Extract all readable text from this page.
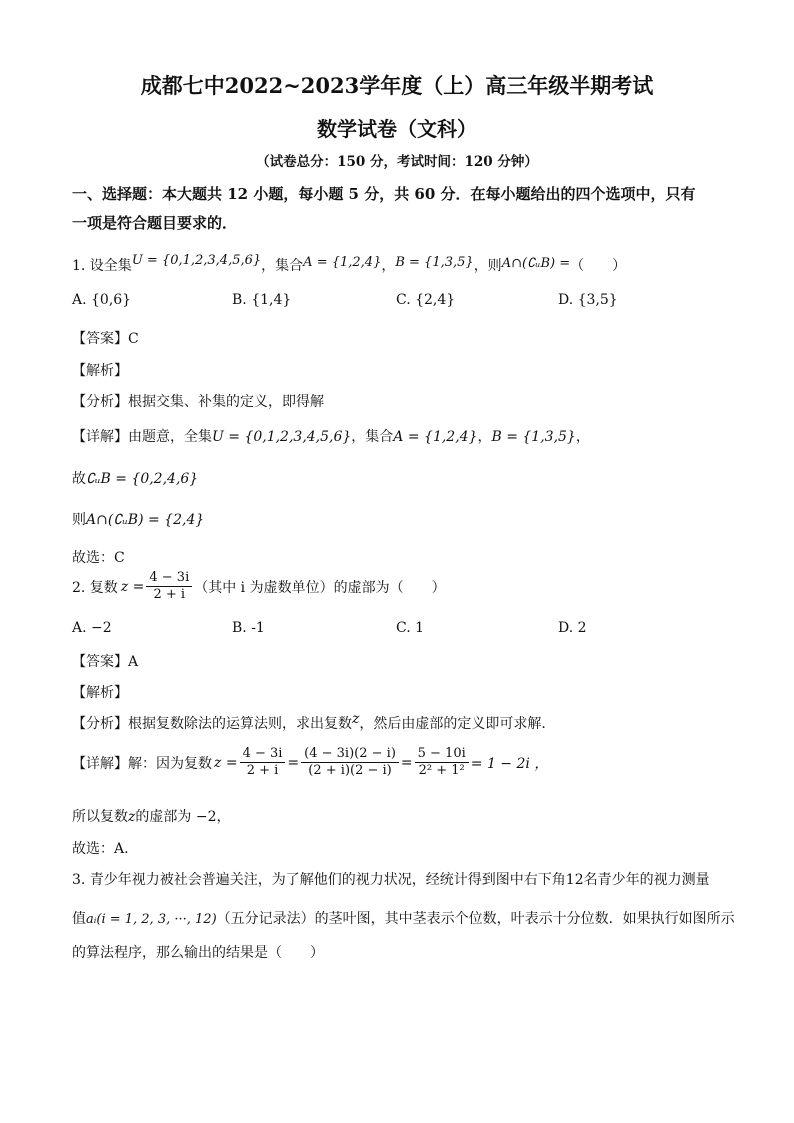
成都七中2022~2023学年度（上）高三年级半期考试
数学试卷（文科）
（试卷总分：150 分，考试时间：120 分钟）
一、选择题：本大题共 12 小题，每小题 5 分，共 60 分．在每小题给出的四个选项中，只有
一项是符合题目要求的．
1. 设全集U = {0,1,2,3,4,5,6}，集合A = {1,2,4}，B = {1,3,5}，则A∩(∁ᵤB) =（　　）
A. {0,6}	B. {1,4}	C. {2,4}	D. {3,5}
【答案】C
【解析】
【分析】根据交集、补集的定义，即得解
【详解】由题意，全集U = {0,1,2,3,4,5,6}，集合A = {1,2,4}，B = {1,3,5}，
故∁ᵤB = {0,2,4,6}
则A∩(∁ᵤB) = {2,4}
故选：C
2. 复数 $z = \frac{4 - 3i}{2 + i}$ （其中 i 为虚数单位）的虚部为（　　）
A. −2	B. -1	C. 1	D. 2
【答案】A
【解析】
【分析】根据复数除法的运算法则，求出复数z，然后由虚部的定义即可求解.
【详解】 解：因为复数 $z = \frac{4 - 3i}{2 + i} = \frac{(4 - 3i)(2 - i)}{(2 + i)(2 - i)} = \frac{5 - 10i}{\text{2² + 1²}} = 1 - 2i$ ，
所以复数z的虚部为 −2，
故选：A.
3. 青少年视力被社会普遍关注，为了解他们的视力状况，经统计得到图中右下角12名青少年的视力测量
值aᵢ(i = 1, 2, 3, ···, 12)（五分记录法）的茎叶图，其中茎表示个位数，叶表示十分位数．如果执行如图所示
的算法程序，那么输出的结果是（　　）
